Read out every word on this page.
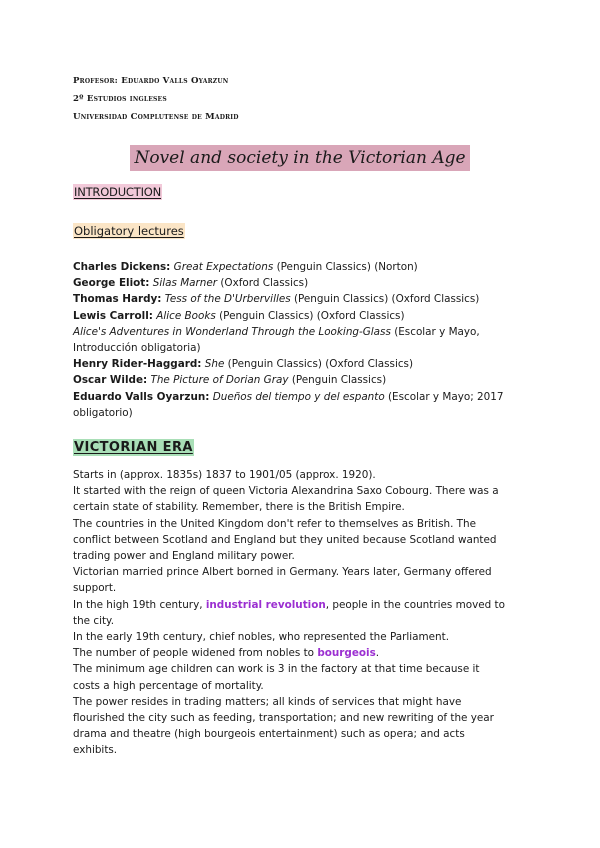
Profesor: Eduardo Valls Oyarzun
2º Estudios ingleses
Universidad Complutense de Madrid
Novel and society in the Victorian Age
INTRODUCTION
Obligatory lectures
Charles Dickens: Great Expectations (Penguin Classics) (Norton)
George Eliot: Silas Marner (Oxford Classics)
Thomas Hardy: Tess of the D'Urbervilles (Penguin Classics) (Oxford Classics)
Lewis Carroll: Alice Books (Penguin Classics) (Oxford Classics)
Alice's Adventures in Wonderland Through the Looking-Glass (Escolar y Mayo,
Introducción obligatoria)
Henry Rider-Haggard: She (Penguin Classics) (Oxford Classics)
Oscar Wilde: The Picture of Dorian Gray (Penguin Classics)
Eduardo Valls Oyarzun: Dueños del tiempo y del espanto (Escolar y Mayo; 2017
obligatorio)
VICTORIAN ERA
Starts in (approx. 1835s) 1837 to 1901/05 (approx. 1920).
It started with the reign of queen Victoria Alexandrina Saxo Cobourg. There was a
certain state of stability. Remember, there is the British Empire.
The countries in the United Kingdom don't refer to themselves as British. The
conflict between Scotland and England but they united because Scotland wanted
trading power and England military power.
Victorian married prince Albert borned in Germany. Years later, Germany offered
support.
In the high 19th century, industrial revolution, people in the countries moved to
the city.
In the early 19th century, chief nobles, who represented the Parliament.
The number of people widened from nobles to bourgeois.
The minimum age children can work is 3 in the factory at that time because it
costs a high percentage of mortality.
The power resides in trading matters; all kinds of services that might have
flourished the city such as feeding, transportation; and new rewriting of the year
drama and theatre (high bourgeois entertainment) such as opera; and acts
exhibits.
